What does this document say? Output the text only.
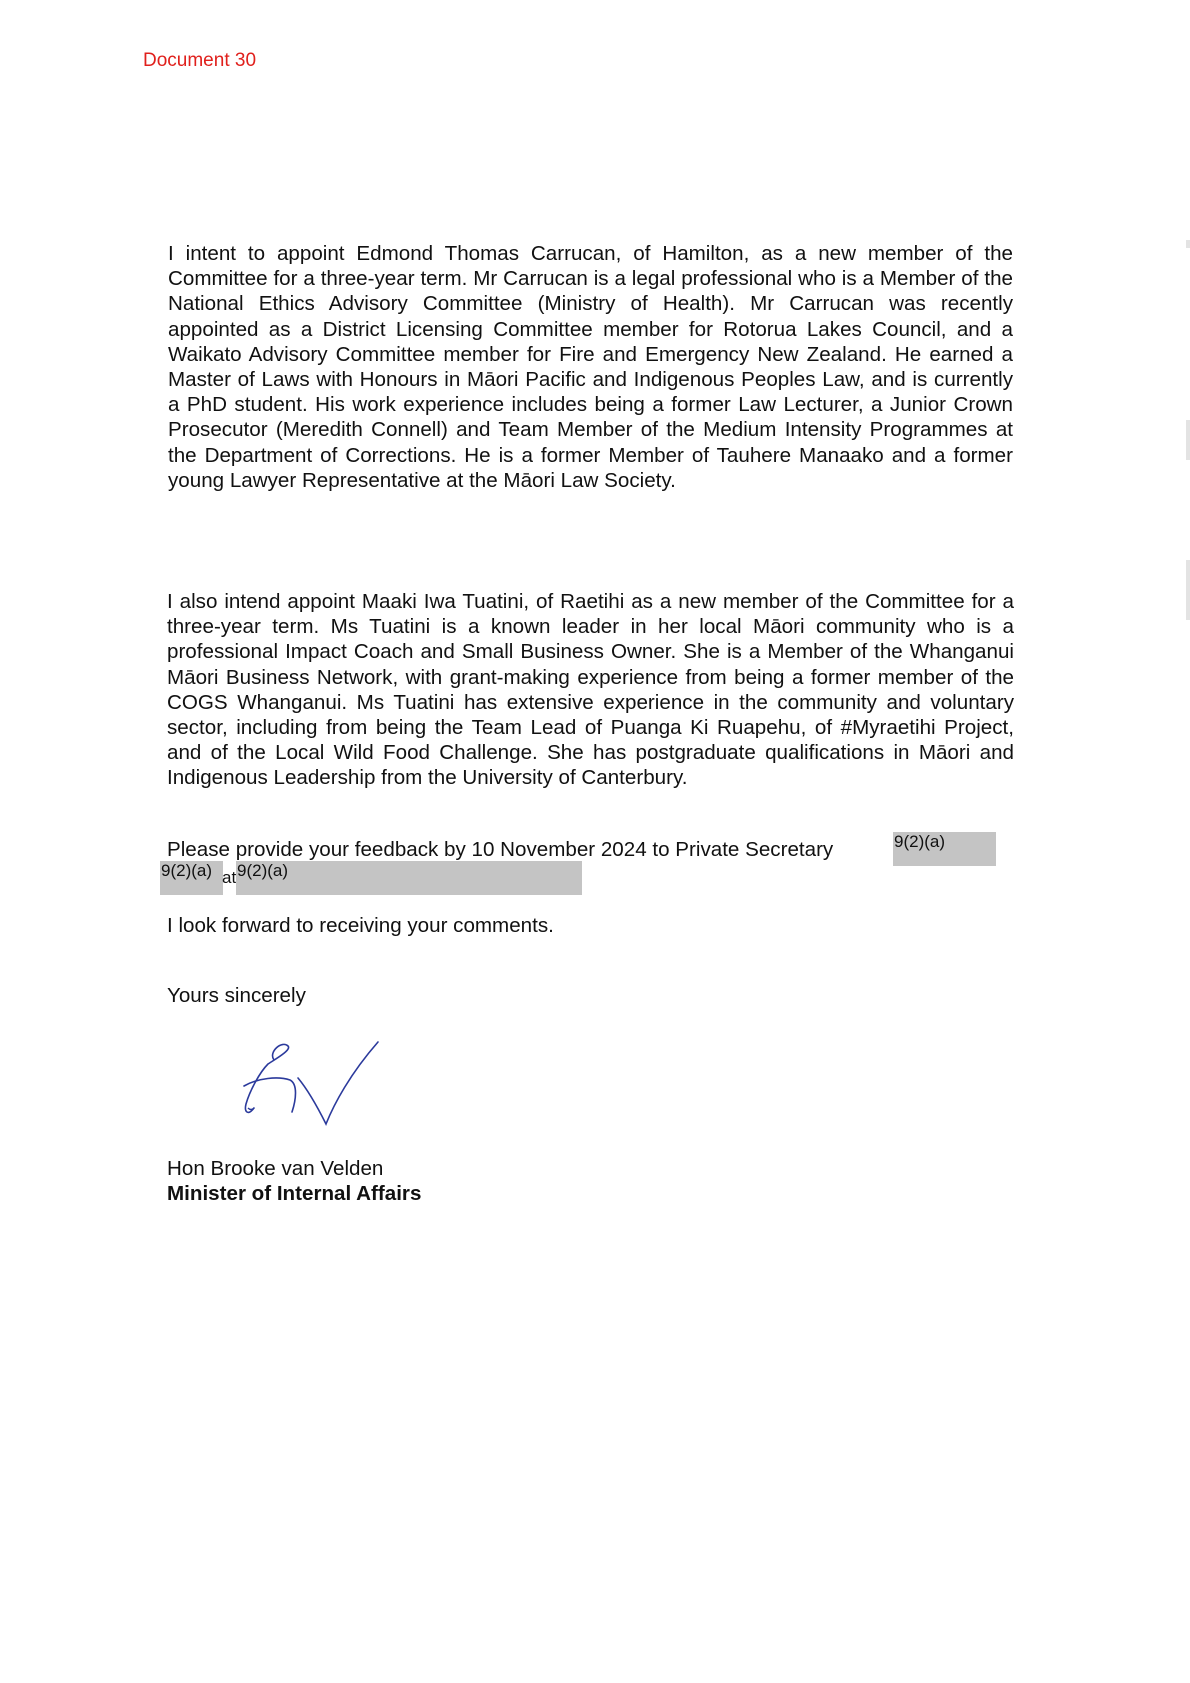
Document 30

I intent to appoint Edmond Thomas Carrucan, of Hamilton, as a new member of the Committee for a three-year term. Mr Carrucan is a legal professional who is a Member of the National Ethics Advisory Committee (Ministry of Health). Mr Carrucan was recently appointed as a District Licensing Committee member for Rotorua Lakes Council, and a Waikato Advisory Committee member for Fire and Emergency New Zealand. He earned a Master of Laws with Honours in Māori Pacific and Indigenous Peoples Law, and is currently a PhD student. His work experience includes being a former Law Lecturer, a Junior Crown Prosecutor (Meredith Connell) and Team Member of the Medium Intensity Programmes at the Department of Corrections. He is a former Member of Tauhere Manaako and a former young Lawyer Representative at the Māori Law Society.

I also intend appoint Maaki Iwa Tuatini, of Raetihi as a new member of the Committee for a three-year term. Ms Tuatini is a known leader in her local Māori community who is a professional Impact Coach and Small Business Owner. She is a Member of the Whanganui Māori Business Network, with grant-making experience from being a former member of the COGS Whanganui. Ms Tuatini has extensive experience in the community and voluntary sector, including from being the Team Lead of Puanga Ki Ruapehu, of #Myraetihi Project, and of the Local Wild Food Challenge. She has postgraduate qualifications in Māori and Indigenous Leadership from the University of Canterbury.

Please provide your feedback by 10 November 2024 to Private Secretary	9(2)(a)
9(2)(a) at 9(2)(a)
I look forward to receiving your comments.
Yours sincerely
Hon Brooke van Velden
Minister of Internal Affairs
